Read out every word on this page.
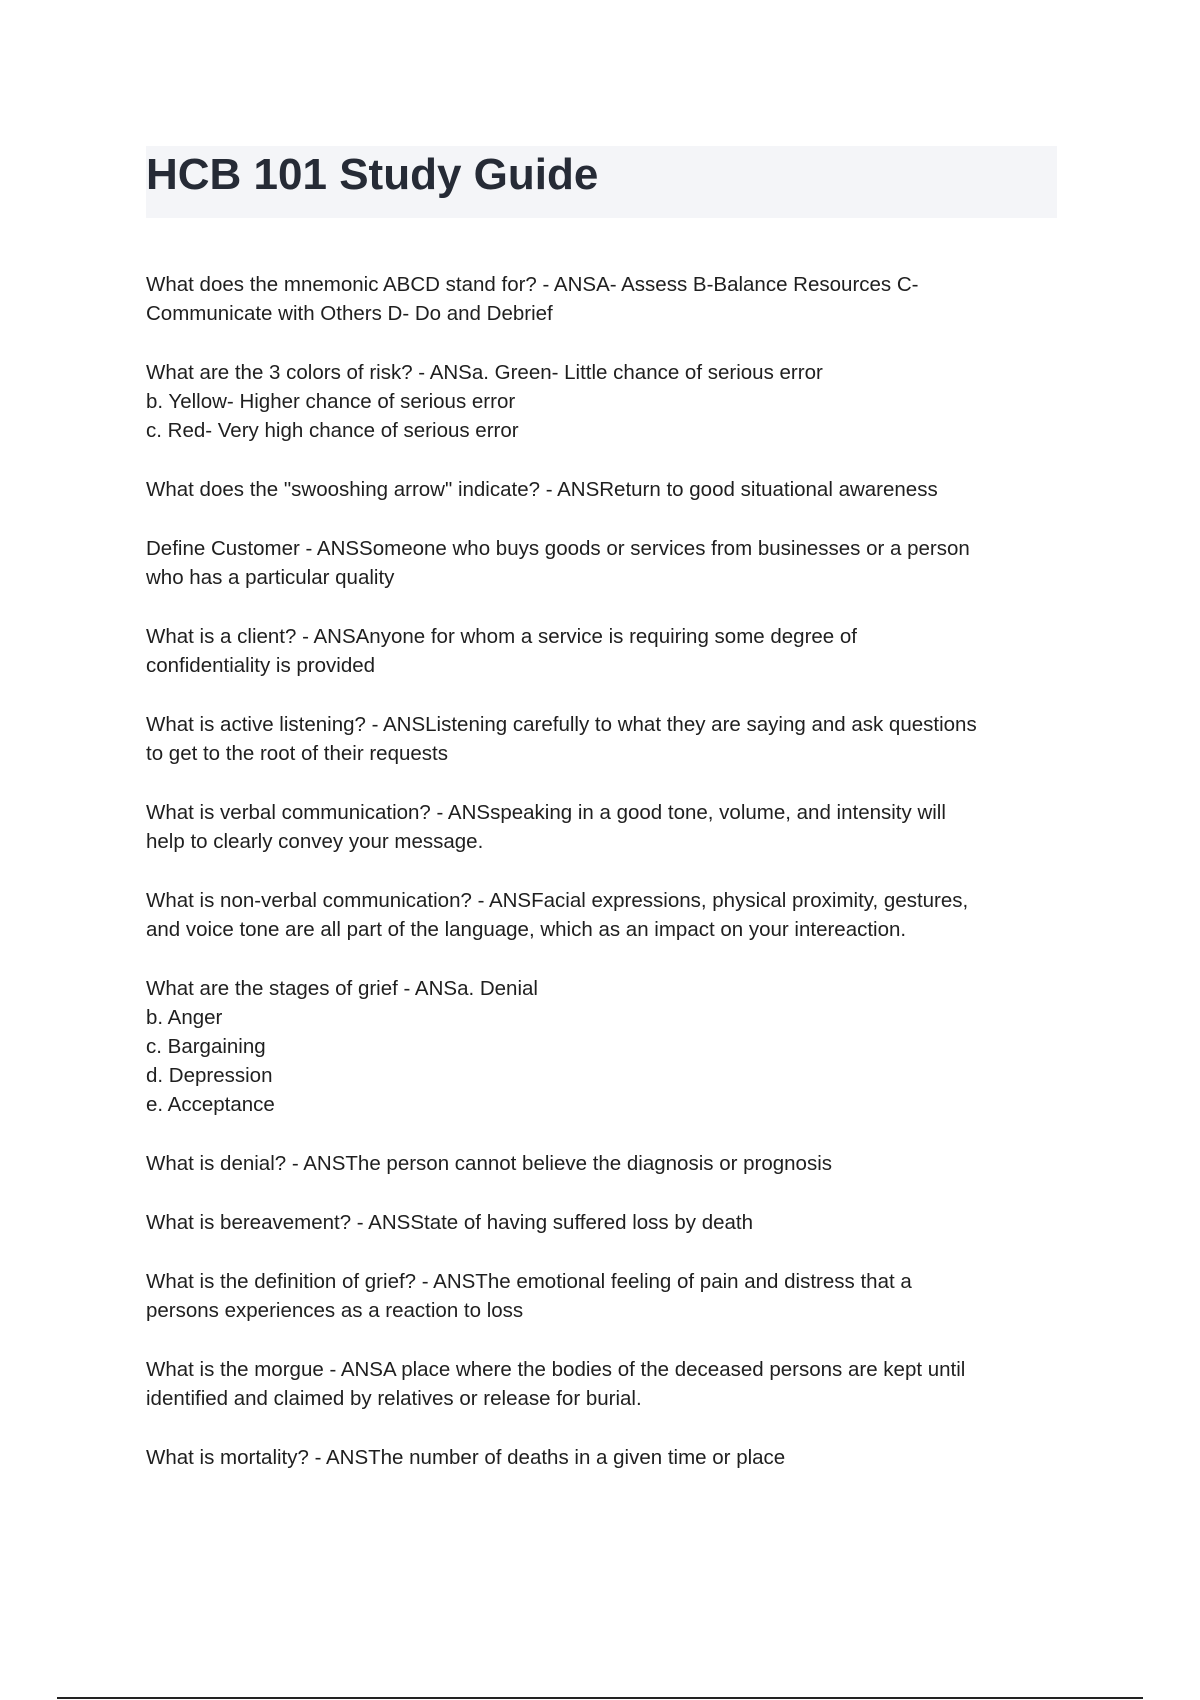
HCB 101 Study Guide
What does the mnemonic ABCD stand for? - ANSA- Assess B-Balance Resources C-
Communicate with Others D- Do and Debrief
What are the 3 colors of risk? - ANSa. Green- Little chance of serious error
b. Yellow- Higher chance of serious error
c. Red- Very high chance of serious error
What does the "swooshing arrow" indicate? - ANSReturn to good situational awareness
Define Customer - ANSSomeone who buys goods or services from businesses or a person
who has a particular quality
What is a client? - ANSAnyone for whom a service is requiring some degree of
confidentiality is provided
What is active listening? - ANSListening carefully to what they are saying and ask questions
to get to the root of their requests
What is verbal communication? - ANSspeaking in a good tone, volume, and intensity will
help to clearly convey your message.
What is non-verbal communication? - ANSFacial expressions, physical proximity, gestures,
and voice tone are all part of the language, which as an impact on your intereaction.
What are the stages of grief - ANSa. Denial
b. Anger
c. Bargaining
d. Depression
e. Acceptance
What is denial? - ANSThe person cannot believe the diagnosis or prognosis
What is bereavement? - ANSState of having suffered loss by death
What is the definition of grief? - ANSThe emotional feeling of pain and distress that a
persons experiences as a reaction to loss
What is the morgue - ANSA place where the bodies of the deceased persons are kept until
identified and claimed by relatives or release for burial.
What is mortality? - ANSThe number of deaths in a given time or place
